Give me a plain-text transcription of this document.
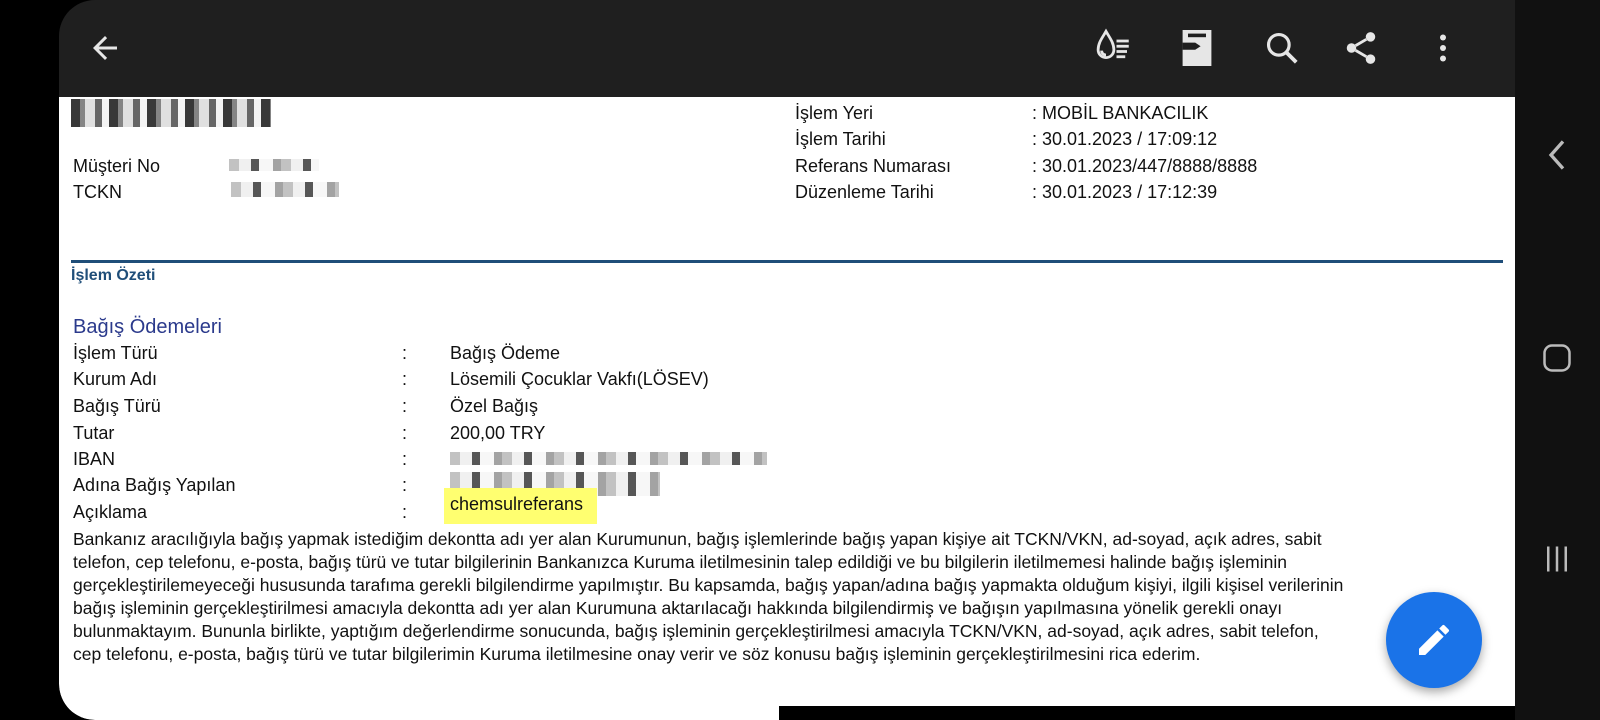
Müşteri No
TCKN
İşlem Yeri	: MOBİL BANKACILIK
İşlem Tarihi	: 30.01.2023 / 17:09:12
Referans Numarası	: 30.01.2023/447/8888/8888
Düzenleme Tarihi	: 30.01.2023 / 17:12:39
İşlem Özeti
Bağış Ödemeleri
İşlem Türü	: Bağış Ödeme
Kurum Adı	: Lösemili Çocuklar Vakfı(LÖSEV)
Bağış Türü	: Özel Bağış
Tutar	: 200,00 TRY
IBAN	:
Adına Bağış Yapılan	:
Açıklama	: chemsulreferans

Bankanız aracılığıyla bağış yapmak istediğim dekontta adı yer alan Kurumunun, bağış işlemlerinde bağış yapan kişiye ait TCKN/VKN, ad-soyad, açık adres, sabit

telefon, cep telefonu, e-posta, bağış türü ve tutar bilgilerinin Bankanızca Kuruma iletilmesinin talep edildiği ve bu bilgilerin iletilmemesi halinde bağış işleminin

gerçekleştirilemeyeceği hususunda tarafıma gerekli bilgilendirme yapılmıştır. Bu kapsamda, bağış yapan/adına bağış yapmakta olduğum kişiyi, ilgili kişisel verilerinin

bağış işleminin gerçekleştirilmesi amacıyla dekontta adı yer alan Kurumuna aktarılacağı hakkında bilgilendirmiş ve bağışın yapılmasına yönelik gerekli onayı

bulunmaktayım. Bununla birlikte, yaptığım değerlendirme sonucunda, bağış işleminin gerçekleştirilmesi amacıyla TCKN/VKN, ad-soyad, açık adres, sabit telefon,

cep telefonu, e-posta, bağış türü ve tutar bilgilerimin Kuruma iletilmesine onay verir ve söz konusu bağış işleminin gerçekleştirilmesini rica ederim.
